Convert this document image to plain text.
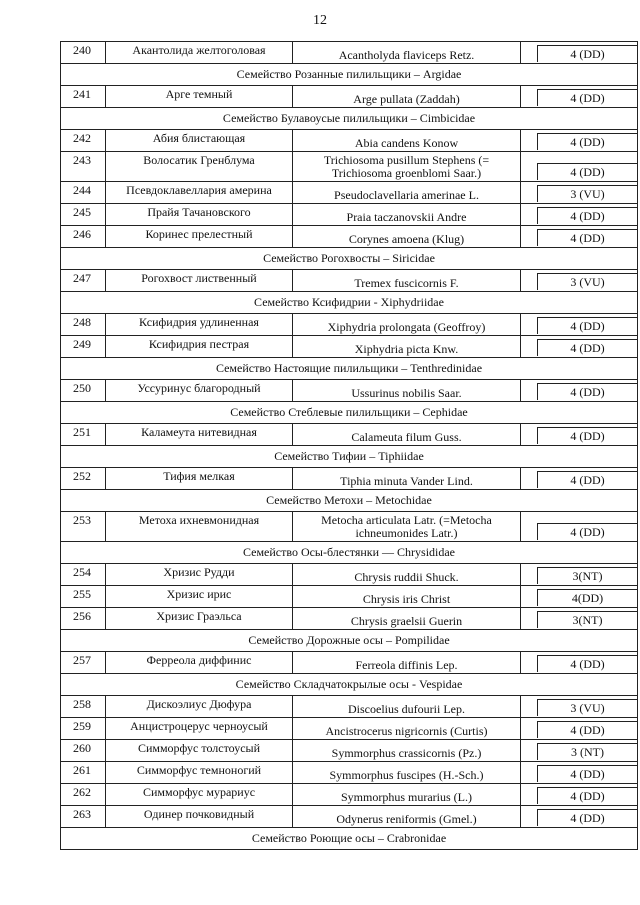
12
240	Акантолида желтоголовая	Acantholyda flaviceps Retz.	4 (DD)

Семейство Розанные пилильщики – Argidae			
241	Арге темный	Arge pullata (Zaddah)	4 (DD)

Семейство Булавоусые пилильщики – Cimbicidae			
242	Абия блистающая	Abia candens Konow	4 (DD)

243	Волосатик Гренблума	Trichiosoma pusillum Stephens (= Trichiosoma groenblomi Saar.)	4 (DD)

244	Псевдоклавеллария америна	Pseudoclavellaria amerinae L.	3 (VU)

245	Прайя Тачановского	Praia taczanovskii Andre	4 (DD)

246	Коринес прелестный	Corynes amoena (Klug)	4 (DD)

Семейство Рогохвосты – Siricidae			
247	Рогохвост лиственный	Tremex fuscicornis F.	3 (VU)

Семейство Ксифидрии - Xiphydriidae			
248	Ксифидрия удлиненная	Xiphydria prolongata (Geoffroy)	4 (DD)

249	Ксифидрия пестрая	Xiphydria picta Knw.	4 (DD)

Семейство Настоящие пилильщики – Tenthredinidae			
250	Уссуринус благородный	Ussurinus nobilis Saar.	4 (DD)

Семейство Стеблевые пилильщики – Cephidae			
251	Каламеута нитевидная	Calameuta filum Guss.	4 (DD)

Семейство Тифии – Tiphiidae			
252	Тифия мелкая	Tiphia minuta Vander Lind.	4 (DD)

Семейство Метохи – Metochidae			
253	Метоха ихневмонидная	Metocha articulata Latr. (=Metocha ichneumonides Latr.)	4 (DD)

Семейство Осы-блестянки — Chrysididae			
254	Хризис Рудди	Chrysis ruddii Shuck.	3(NT)

255	Хризис ирис	Chrysis iris Christ	4(DD)

256	Хризис Граэльса	Chrysis graelsii Guerin	3(NT)

Семейство Дорожные осы – Pompilidae			
257	Ферреола диффинис	Ferreola diffinis Lep.	4 (DD)

Семейство Складчатокрылые осы - Vespidae			
258	Дискоэлиус Дюфура	Discoelius dufourii Lep.	3 (VU)

259	Анцистроцерус черноусый	Ancistrocerus nigricornis (Curtis)	4 (DD)

260	Симморфус толстоусый	Symmorphus crassicornis (Pz.)	3 (NT)

261	Симморфус темноногий	Symmorphus fuscipes (H.-Sch.)	4 (DD)

262	Симморфус мурариус	Symmorphus murarius (L.)	4 (DD)

263	Одинер почковидный	Odynerus reniformis (Gmel.)	4 (DD)

Семейство Роющие осы – Crabronidae			
